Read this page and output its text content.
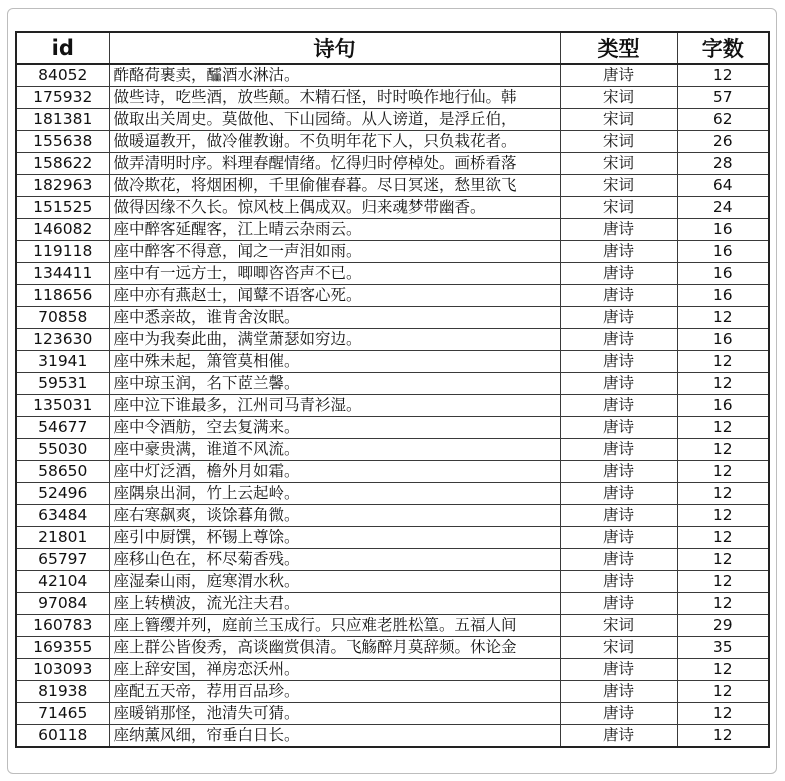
id	诗句	类型	字数
84052	酢酪荷裹卖，醽酒水淋沽。	唐诗	12
175932	做些诗，吃些酒，放些颠。木精石怪，时时唤作地行仙。韩	宋词	57
181381	做取出关周史。莫做他、下山园绮。从人谤道，是浮丘伯，	宋词	62
155638	做暖逼教开，做冷催教谢。不负明年花下人，只负栽花者。	宋词	26
158622	做弄清明时序。料理春醒情绪。忆得归时停棹处。画桥看落	宋词	28
182963	做冷欺花，将烟困柳，千里偷催春暮。尽日冥迷，愁里欲飞	宋词	64
151525	做得因缘不久长。惊风枝上偶成双。归来魂梦带幽香。	宋词	24
146082	座中醉客延醒客，江上晴云杂雨云。	唐诗	16
119118	座中醉客不得意，闻之一声泪如雨。	唐诗	16
134411	座中有一远方士，唧唧咨咨声不已。	唐诗	16
118656	座中亦有燕赵士，闻鼙不语客心死。	唐诗	16
70858	座中悉亲故，谁肯舍汝眠。	唐诗	12
123630	座中为我奏此曲，满堂萧瑟如穷边。	唐诗	16
31941	座中殊未起，箫管莫相催。	唐诗	12
59531	座中琼玉润，名下茝兰馨。	唐诗	12
135031	座中泣下谁最多，江州司马青衫湿。	唐诗	16
54677	座中令酒舫，空去复满来。	唐诗	12
55030	座中豪贵满，谁道不风流。	唐诗	12
58650	座中灯泛酒，檐外月如霜。	唐诗	12
52496	座隅泉出洞，竹上云起岭。	唐诗	12
63484	座右寒飙爽，谈馀暮角微。	唐诗	12
21801	座引中厨馔，杯锡上尊馀。	唐诗	12
65797	座移山色在，杯尽菊香残。	唐诗	12
42104	座湿秦山雨，庭寒渭水秋。	唐诗	12
97084	座上转横波，流光注夫君。	唐诗	12
160783	座上簪缨并列，庭前兰玉成行。只应难老胜松篁。五福人间	宋词	29
169355	座上群公皆俊秀，高谈幽赏俱清。飞觞醉月莫辞频。休论金	宋词	35
103093	座上辞安国，禅房恋沃州。	唐诗	12
81938	座配五天帝，荐用百品珍。	唐诗	12
71465	座暖销那怪，池清失可猜。	唐诗	12
60118	座纳薰风细，帘垂白日长。	唐诗	12
